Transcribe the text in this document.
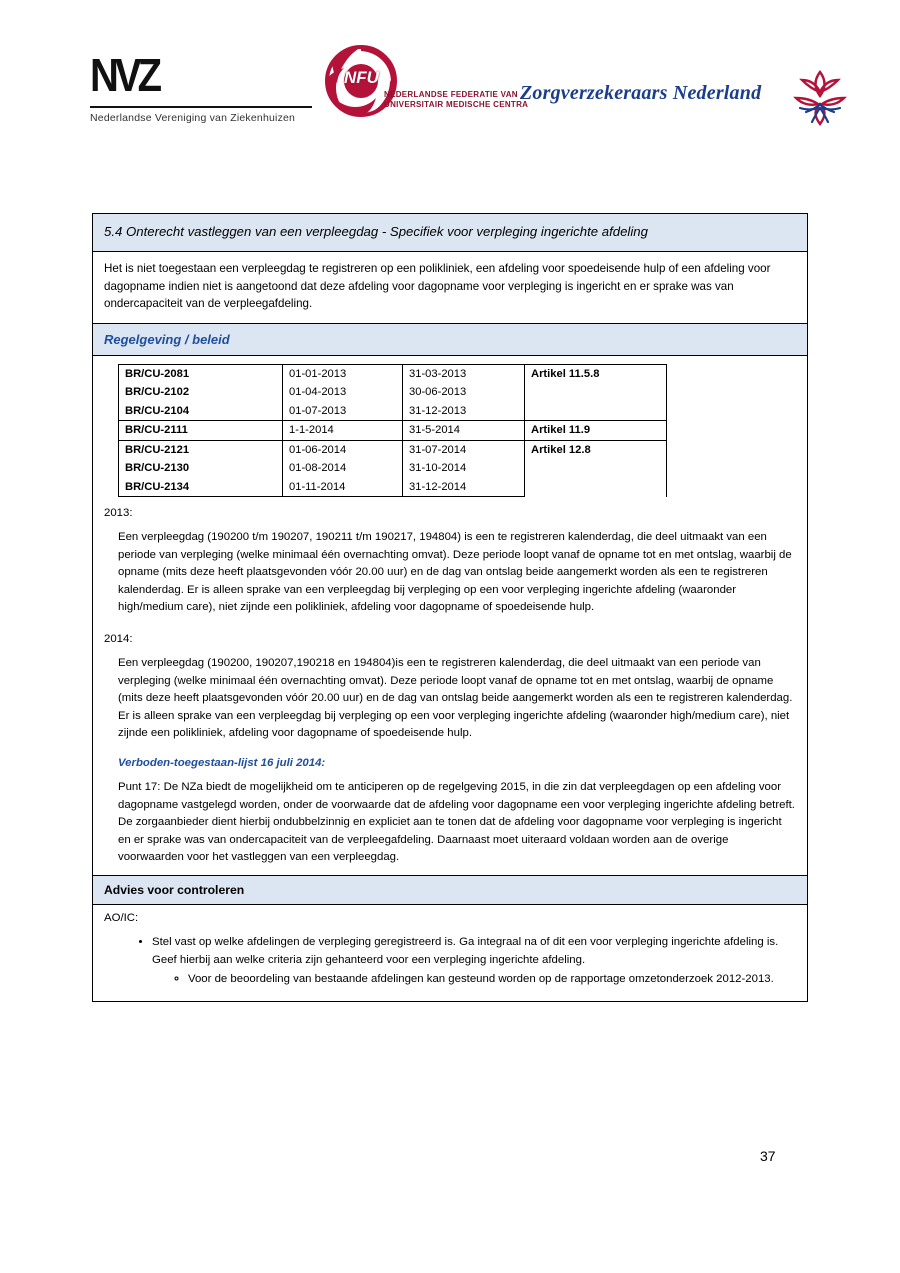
NVZ
Nederlandse Vereniging van Ziekenhuizen
NFU
NEDERLANDSE FEDERATIE VAN
UNIVERSITAIR MEDISCHE CENTRA
Zorgverzekeraars Nederland
5.4 Onterecht vastleggen van een verpleegdag - Specifiek voor verpleging ingerichte afdeling
Het is niet toegestaan een verpleegdag te registreren op een polikliniek, een afdeling voor spoedeisende hulp of een afdeling voor dagopname indien niet is aangetoond dat deze afdeling voor dagopname voor verpleging is ingericht en er sprake was van ondercapaciteit van de verpleegafdeling.
Regelgeving / beleid
BR/CU-2081	01-01-2013	31-03-2013	Artikel 11.5.8
BR/CU-2102	01-04-2013	30-06-2013	
BR/CU-2104	01-07-2013	31-12-2013	
BR/CU-2111	1-1-2014	31-5-2014	Artikel 11.9
BR/CU-2121	01-06-2014	31-07-2014	Artikel 12.8
BR/CU-2130	01-08-2014	31-10-2014	
BR/CU-2134	01-11-2014	31-12-2014	
2013:
Een verpleegdag (190200 t/m 190207, 190211 t/m 190217, 194804) is een te registreren kalenderdag, die deel uitmaakt van een periode van verpleging (welke minimaal één overnachting omvat). Deze periode loopt vanaf de opname tot en met ontslag, waarbij de opname (mits deze heeft plaatsgevonden vóór 20.00 uur) en de dag van ontslag beide aangemerkt worden als een te registreren kalenderdag. Er is alleen sprake van een verpleegdag bij verpleging op een voor verpleging ingerichte afdeling (waaronder high/medium care), niet zijnde een polikliniek, afdeling voor dagopname of spoedeisende hulp.
2014:
Een verpleegdag (190200, 190207,190218 en 194804)is een te registreren kalenderdag, die deel uitmaakt van een periode van verpleging (welke minimaal één overnachting omvat). Deze periode loopt vanaf de opname tot en met ontslag, waarbij de opname (mits deze heeft plaatsgevonden vóór 20.00 uur) en de dag van ontslag beide aangemerkt worden als een te registreren kalenderdag. Er is alleen sprake van een verpleegdag bij verpleging op een voor verpleging ingerichte afdeling (waaronder high/medium care), niet zijnde een polikliniek, afdeling voor dagopname of spoedeisende hulp.
Verboden-toegestaan-lijst 16 juli 2014:
Punt 17: De NZa biedt de mogelijkheid om te anticiperen op de regelgeving 2015, in die zin dat verpleegdagen op een afdeling voor dagopname vastgelegd worden, onder de voorwaarde dat de afdeling voor dagopname een voor verpleging ingerichte afdeling betreft. De zorgaanbieder dient hierbij ondubbelzinnig en expliciet aan te tonen dat de afdeling voor dagopname voor verpleging is ingericht en er sprake was van ondercapaciteit van de verpleegafdeling. Daarnaast moet uiteraard voldaan worden aan de overige voorwaarden voor het vastleggen van een verpleegdag.
Advies voor controleren
AO/IC:
• Stel vast op welke afdelingen de verpleging geregistreerd is. Ga integraal na of dit een voor verpleging ingerichte afdeling is. Geef hierbij aan welke criteria zijn gehanteerd voor een verpleging ingerichte afdeling.
◦ Voor de beoordeling van bestaande afdelingen kan gesteund worden op de rapportage omzetonderzoek 2012-2013.
37
